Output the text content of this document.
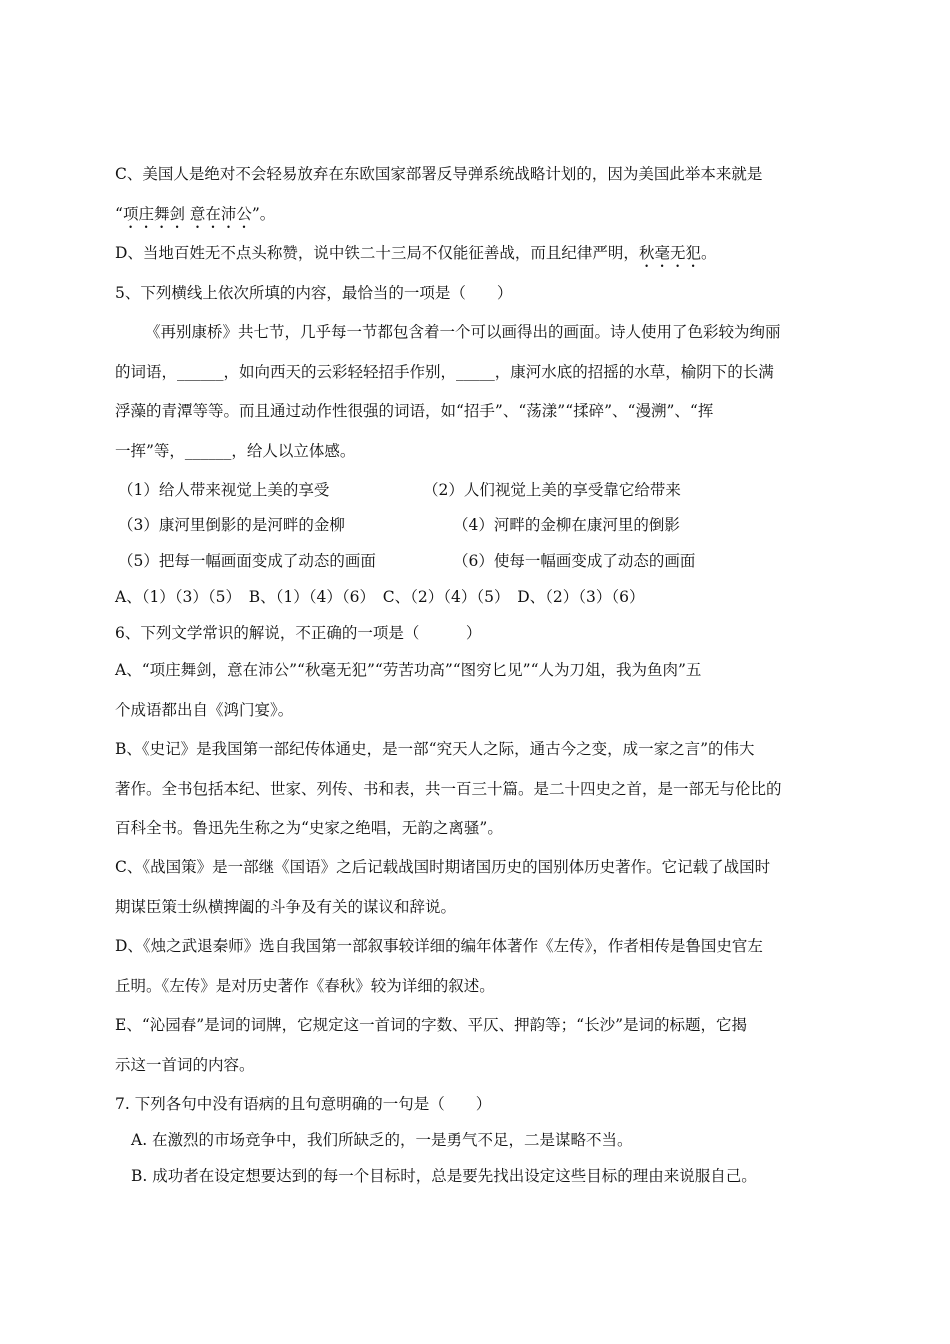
C、美国人是绝对不会轻易放弃在东欧国家部署反导弹系统战略计划的，因为美国此举本来就是
“项庄舞剑 意在沛公”。
D、当地百姓无不点头称赞，说中铁二十三局不仅能征善战，而且纪律严明，秋毫无犯。
5、下列横线上依次所填的内容，最恰当的一项是（　　）
《再别康桥》共七节，几乎每一节都包含着一个可以画得出的画面。诗人使用了色彩较为绚丽
的词语，______，如向西天的云彩轻轻招手作别，_____，康河水底的招摇的水草，榆阴下的长满
浮藻的青潭等等。而且通过动作性很强的词语，如“招手”、“荡漾”“揉碎”、“漫溯”、“挥
一挥”等，______，给人以立体感。
（1）给人带来视觉上美的享受	（2）人们视觉上美的享受靠它给带来
（3）康河里倒影的是河畔的金柳	（4）河畔的金柳在康河里的倒影
（5）把每一幅画面变成了动态的画面	（6）使每一幅画变成了动态的画面
A、（1）（3）（5）　B、（1）（4）（6）　C、（2）（4）（5）　D、（2）（3）（6）
6、下列文学常识的解说，不正确的一项是（　　　）
A、“项庄舞剑，意在沛公”“秋毫无犯”“劳苦功高”“图穷匕见”“人为刀俎，我为鱼肉”五
个成语都出自《鸿门宴》。
B、《史记》是我国第一部纪传体通史，是一部“究天人之际，通古今之变，成一家之言”的伟大
著作。全书包括本纪、世家、列传、书和表，共一百三十篇。是二十四史之首，是一部无与伦比的
百科全书。鲁迅先生称之为“史家之绝唱，无韵之离骚”。
C、《战国策》是一部继《国语》之后记载战国时期诸国历史的国别体历史著作。它记载了战国时
期谋臣策士纵横捭阖的斗争及有关的谋议和辞说。
D、《烛之武退秦师》选自我国第一部叙事较详细的编年体著作《左传》，作者相传是鲁国史官左
丘明。《左传》是对历史著作《春秋》较为详细的叙述。
E、“沁园春”是词的词牌，它规定这一首词的字数、平仄、押韵等；“长沙”是词的标题，它揭
示这一首词的内容。
7. 下列各句中没有语病的且句意明确的一句是（　　）
A. 在激烈的市场竞争中，我们所缺乏的，一是勇气不足，二是谋略不当。
B. 成功者在设定想要达到的每一个目标时，总是要先找出设定这些目标的理由来说服自己。
